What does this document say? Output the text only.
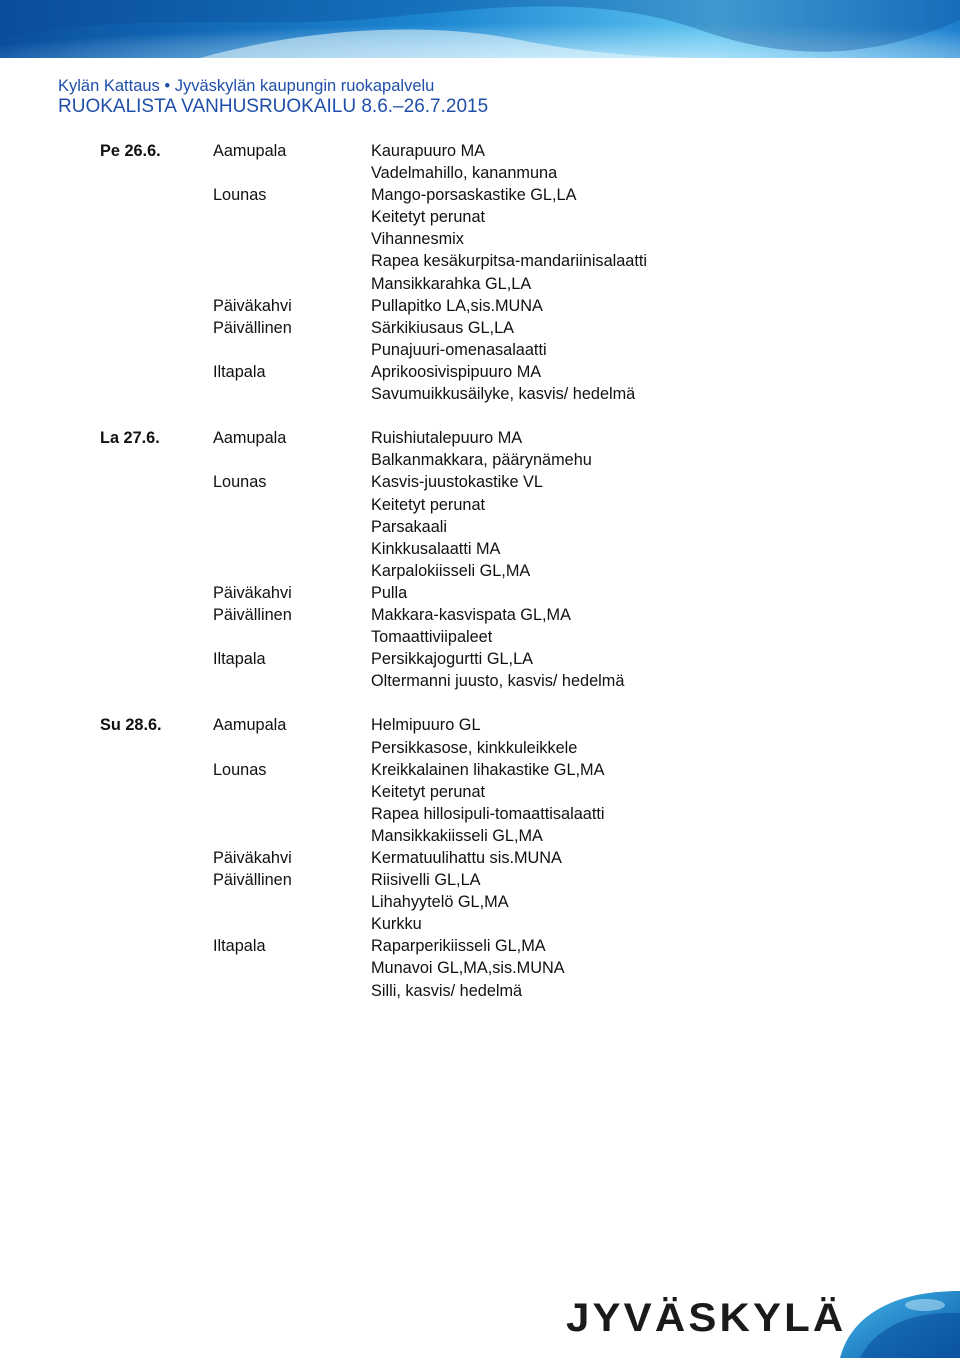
Kylän Kattaus • Jyväskylän kaupungin ruokapalvelu
RUOKALISTA VANHUSRUOKAILU 8.6.–26.7.2015
Pe 26.6.	Aamupala	Kaurapuuro MA
Vadelmahillo, kananmuna
Lounas	Mango-porsaskastike GL,LA
Keitetyt perunat
Vihannesmix
Rapea kesäkurpitsa-mandariinisalaatti
Mansikkarahka GL,LA
Päiväkahvi	Pullapitko LA,sis.MUNA
Päivällinen	Särkikiusaus GL,LA
Punajuuri-omenasalaatti
Iltapala	Aprikoosivispipuuro MA
Savumuikkusäilyke, kasvis/ hedelmä
La 27.6.	Aamupala	Ruishiutalepuuro MA
Balkanmakkara, päärynämehu
Lounas	Kasvis-juustokastike VL
Keitetyt perunat
Parsakaali
Kinkkusalaatti MA
Karpalokiisseli GL,MA
Päiväkahvi	Pulla
Päivällinen	Makkara-kasvispata GL,MA
Tomaattiviipaleet
Iltapala	Persikkajogurtti GL,LA
Oltermanni juusto, kasvis/ hedelmä
Su 28.6.	Aamupala	Helmipuuro GL
Persikkasose, kinkkuleikkele
Lounas	Kreikkalainen lihakastike GL,MA
Keitetyt perunat
Rapea hillosipuli-tomaattisalaatti
Mansikkakiisseli GL,MA
Päiväkahvi	Kermatuulihattu sis.MUNA
Päivällinen	Riisivelli GL,LA
Lihahyytelö GL,MA
Kurkku
Iltapala	Raparperikiisseli GL,MA
Munavoi GL,MA,sis.MUNA
Silli, kasvis/ hedelmä
JYVÄSKYLÄ
